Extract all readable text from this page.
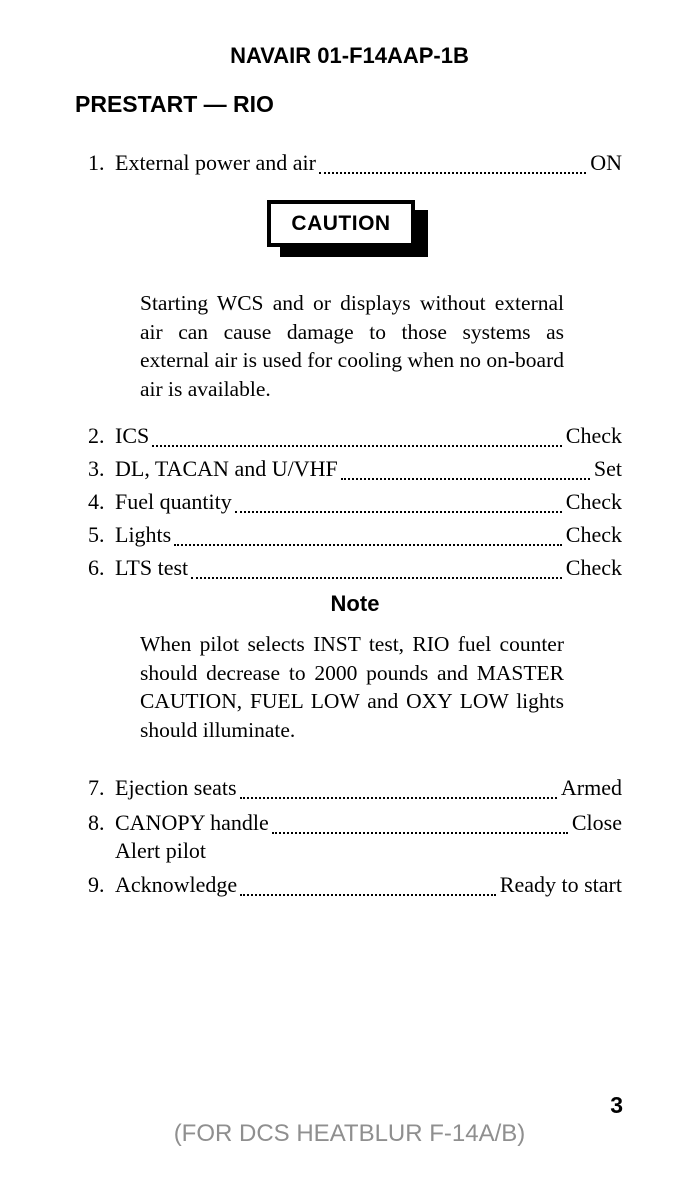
NAVAIR 01-F14AAP-1B
PRESTART — RIO
1. External power and air	ON
CAUTION
Starting WCS and or displays without external air can cause damage to those systems as external air is used for cooling when no on-board air is available.
2. ICS	Check
3. DL, TACAN and U/VHF	Set
4. Fuel quantity	Check
5. Lights	Check
6. LTS test	Check
Note
When pilot selects INST test, RIO fuel counter should decrease to 2000 pounds and MASTER CAUTION, FUEL LOW and OXY LOW lights should illuminate.
7. Ejection seats	Armed
8. CANOPY handle	Close
Alert pilot
9. Acknowledge	Ready to start
3
(FOR DCS HEATBLUR F-14A/B)
